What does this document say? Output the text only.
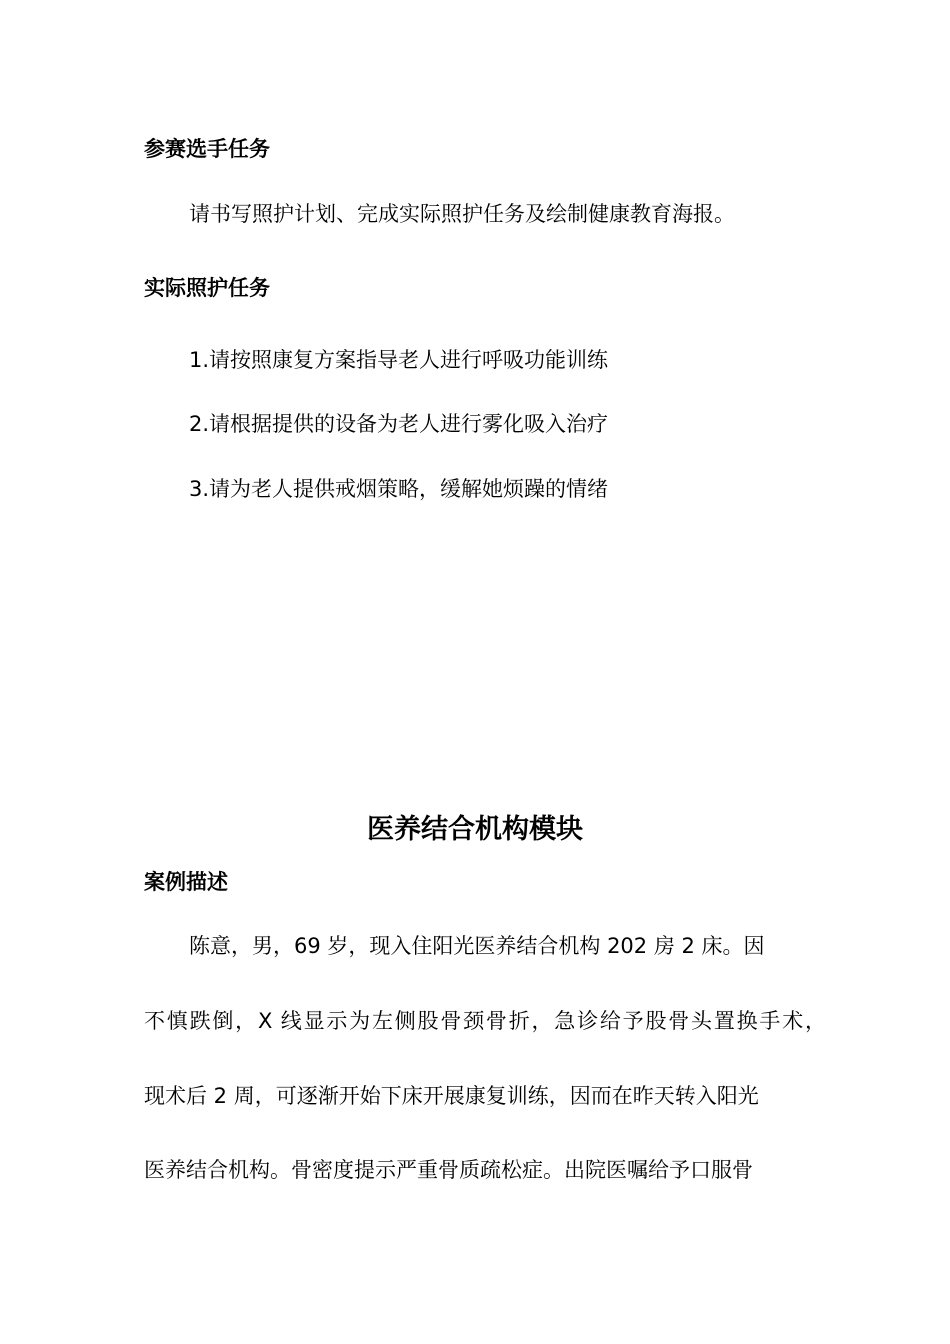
参赛选手任务
请书写照护计划、完成实际照护任务及绘制健康教育海报。
实际照护任务
1.请按照康复方案指导老人进行呼吸功能训练
2.请根据提供的设备为老人进行雾化吸入治疗
3.请为老人提供戒烟策略，缓解她烦躁的情绪
医养结合机构模块
案例描述
陈意，男，69 岁，现入住阳光医养结合机构 202 房 2 床。因
不慎跌倒，X 线显示为左侧股骨颈骨折，急诊给予股骨头置换手术，
现术后 2 周，可逐渐开始下床开展康复训练，因而在昨天转入阳光
医养结合机构。骨密度提示严重骨质疏松症。出院医嘱给予口服骨
